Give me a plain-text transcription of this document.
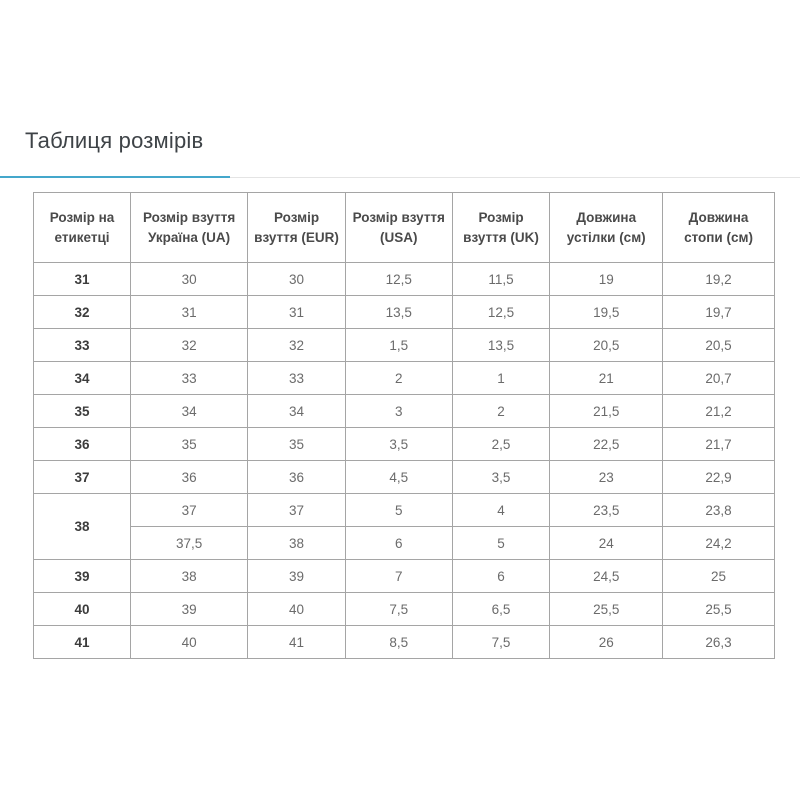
Таблиця розмірів
Розмір на етикетці	Розмір взуття Україна (UA)	Розмір взуття (EUR)	Розмір взуття (USA)	Розмір взуття (UK)	Довжина устілки (см)	Довжина стопи (см)
31	30	30	12,5	11,5	19	19,2
32	31	31	13,5	12,5	19,5	19,7
33	32	32	1,5	13,5	20,5	20,5
34	33	33	2	1	21	20,7
35	34	34	3	2	21,5	21,2
36	35	35	3,5	2,5	22,5	21,7
37	36	36	4,5	3,5	23	22,9
38	37	37	5	4	23,5	23,8
	37,5	38	6	5	24	24,2
39	38	39	7	6	24,5	25
40	39	40	7,5	6,5	25,5	25,5
41	40	41	8,5	7,5	26	26,3
